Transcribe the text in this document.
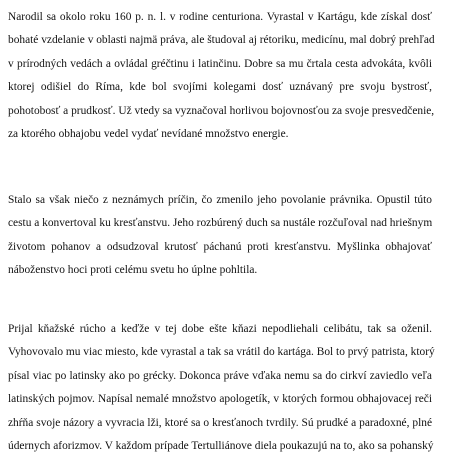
Narodil sa okolo roku 160 p. n. l. v rodine centuriona. Vyrastal v Kartágu, kde získal dosť
bohaté vzdelanie v oblasti najmä práva, ale študoval aj rétoriku, medicínu, mal dobrý prehľad
v prírodných vedách a ovládal gréčtinu i latinčinu. Dobre sa mu črtala cesta advokáta, kvôli
ktorej odišiel do Ríma, kde bol svojími kolegami dosť uznávaný pre svoju bystrosť,
pohotobosť a prudkosť. Už vtedy sa vyznačoval horlivou bojovnosťou za svoje presvedčenie,
za ktorého obhajobu vedel vydať nevídané množstvo energie.
Stalo sa však niečo z neznámych príčin, čo zmenilo jeho povolanie právnika. Opustil túto
cestu a konvertoval ku kresťanstvu. Jeho rozbúrený duch sa nustále rozčuľoval nad hriešnym
životom pohanov a odsudzoval krutosť páchanú proti kresťanstvu. Myšlinka obhajovať
náboženstvo hoci proti celému svetu ho úplne pohltila.
Prijal kňažské rúcho a keďže v tej dobe ešte kňazi nepodliehali celibátu, tak sa oženil.
Vyhovovalo mu viac miesto, kde vyrastal a tak sa vrátil do kartága. Bol to prvý patrista, ktorý
písal viac po latinsky ako po grécky. Dokonca práve vďaka nemu sa do cirkví zaviedlo veľa
latinských pojmov. Napísal nemalé množstvo apologetík, v ktorých formou obhajovacej reči
zhŕňa svoje názory a vyvracia lži, ktoré sa o kresťanoch tvrdily. Sú prudké a paradoxné, plné
údernych aforizmov. V každom prípade Tertulliánove diela poukazujú na to, ako sa pohanský
